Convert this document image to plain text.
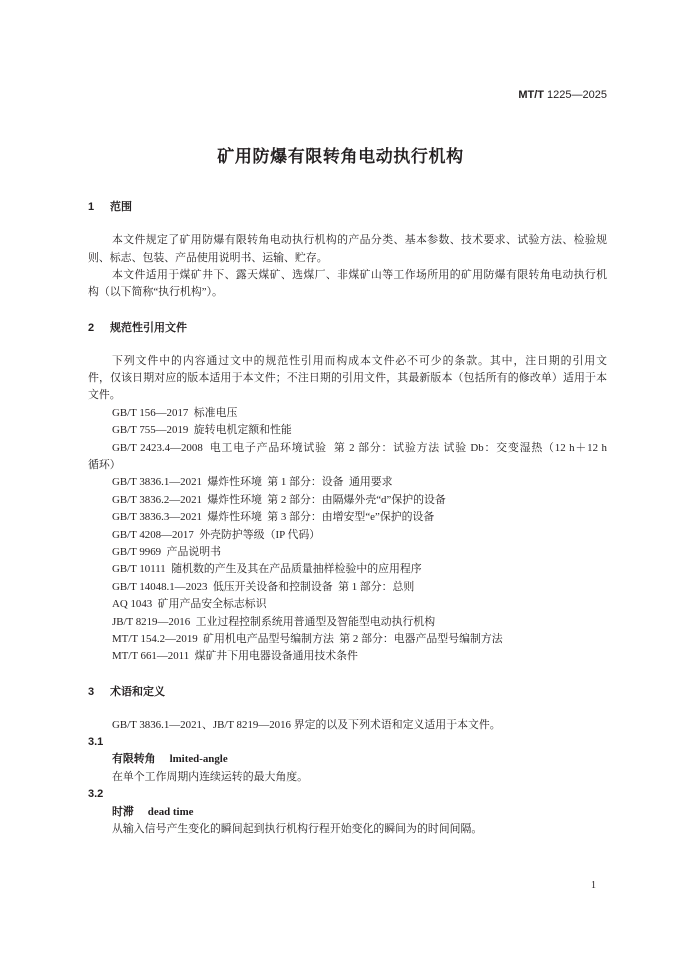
MT/T 1225—2025
矿用防爆有限转角电动执行机构
1 范围
本文件规定了矿用防爆有限转角电动执行机构的产品分类、基本参数、技术要求、试验方法、检验规
则、标志、包装、产品使用说明书、运输、贮存。
本文件适用于煤矿井下、露天煤矿、选煤厂、非煤矿山等工作场所用的矿用防爆有限转角电动执行机
构（以下简称“执行机构”）。
2 规范性引用文件
下列文件中的内容通过文中的规范性引用而构成本文件必不可少的条款。其中，注日期的引用文
件，仅该日期对应的版本适用于本文件；不注日期的引用文件，其最新版本（包括所有的修改单）适用于本
文件。
GB/T 156—2017  标准电压
GB/T 755—2019  旋转电机定额和性能
GB/T 2423.4—2008  电工电子产品环境试验  第 2 部分：试验方法 试验 Db：交变湿热（12 h＋12 h
循环）
GB/T 3836.1—2021  爆炸性环境  第 1 部分：设备  通用要求
GB/T 3836.2—2021  爆炸性环境  第 2 部分：由隔爆外壳“d”保护的设备
GB/T 3836.3—2021  爆炸性环境  第 3 部分：由增安型“e”保护的设备
GB/T 4208—2017  外壳防护等级（IP 代码）
GB/T 9969  产品说明书
GB/T 10111  随机数的产生及其在产品质量抽样检验中的应用程序
GB/T 14048.1—2023  低压开关设备和控制设备  第 1 部分：总则
AQ 1043  矿用产品安全标志标识
JB/T 8219—2016  工业过程控制系统用普通型及智能型电动执行机构
MT/T 154.2—2019  矿用机电产品型号编制方法  第 2 部分：电器产品型号编制方法
MT/T 661—2011  煤矿井下用电器设备通用技术条件
3 术语和定义
GB/T 3836.1—2021、JB/T 8219—2016 界定的以及下列术语和定义适用于本文件。
3.1
有限转角 lmited-angle
在单个工作周期内连续运转的最大角度。
3.2
时滞 dead time
从输入信号产生变化的瞬间起到执行机构行程开始变化的瞬间为的时间间隔。
1
